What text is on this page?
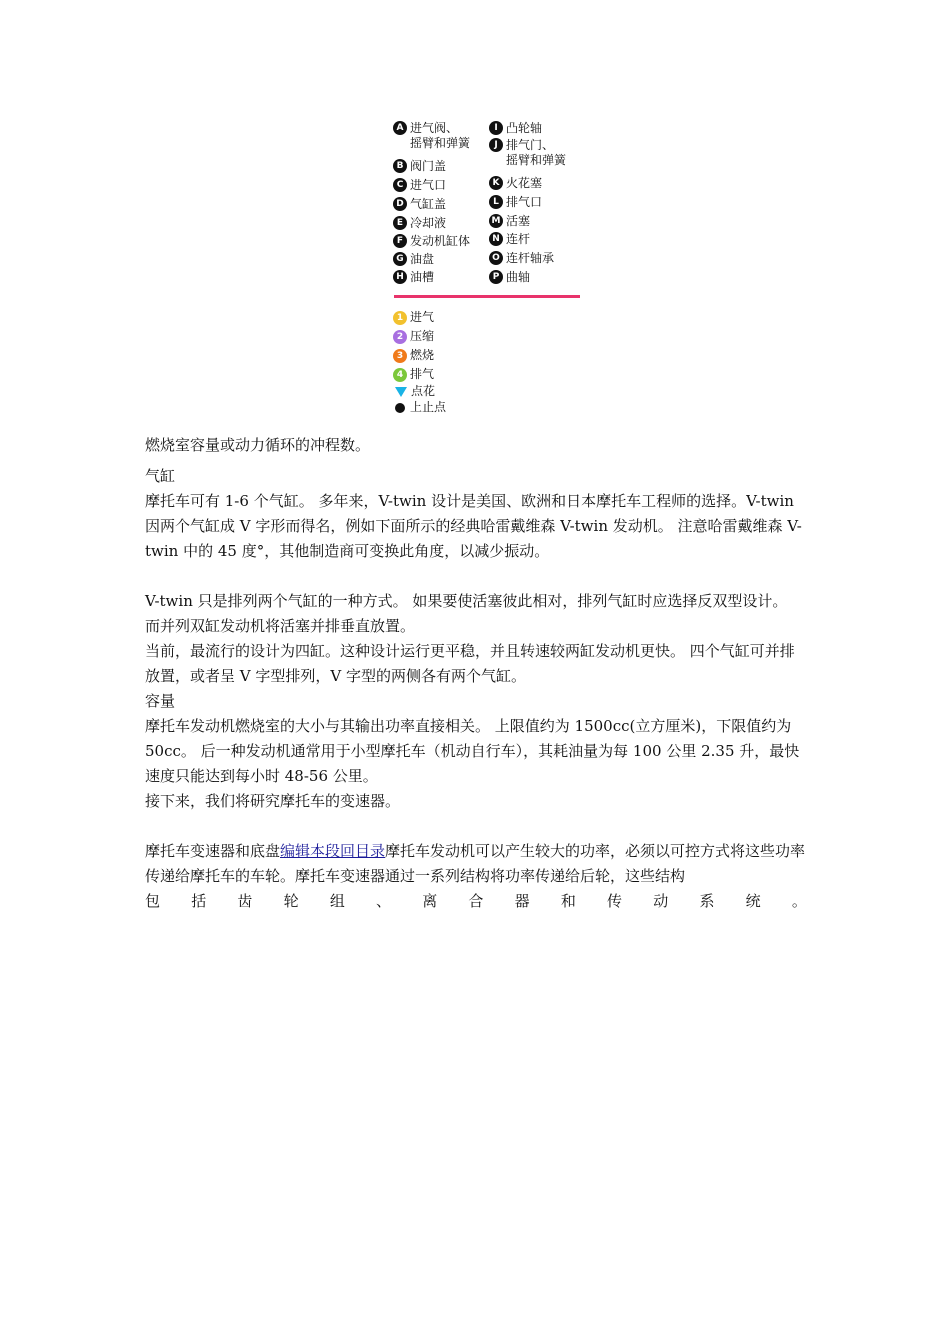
A 进气阀、
摇臂和弹簧
B 阀门盖
C 进气口
D 气缸盖
E 冷却液
F 发动机缸体
G 油盘
H 油槽
I 凸轮轴
J 排气门、
摇臂和弹簧
K 火花塞
L 排气口
M 活塞
N 连杆
O 连杆轴承
P 曲轴
1 进气
2 压缩
3 燃烧
4 排气
点花
上止点

燃烧室容量或动力循环的冲程数。

气缸

摩托车可有 1-6 个气缸。 多年来，V-twin 设计是美国、欧洲和日本摩托车工程师的选择。V-twin 因两个气缸成 V 字形而得名，例如下面所示的经典哈雷戴维森 V-twin 发动机。 注意哈雷戴维森 V-twin 中的 45 度°，其他制造商可变换此角度，以减少振动。

V-twin 只是排列两个气缸的一种方式。 如果要使活塞彼此相对，排列气缸时应选择反双型设计。 而并列双缸发动机将活塞并排垂直放置。

当前，最流行的设计为四缸。这种设计运行更平稳，并且转速较两缸发动机更快。 四个气缸可并排放置，或者呈 V 字型排列，V 字型的两侧各有两个气缸。

容量

摩托车发动机燃烧室的大小与其输出功率直接相关。 上限值约为 1500cc(立方厘米)，下限值约为 50cc。 后一种发动机通常用于小型摩托车（机动自行车），其耗油量为每 100 公里 2.35 升，最快速度只能达到每小时 48-56 公里。

接下来，我们将研究摩托车的变速器。

摩托车变速器和底盘编辑本段回目录摩托车发动机可以产生较大的功率，必须以可控方式将这些功率传递给摩托车的车轮。摩托车变速器通过一系列结构将功率传递给后轮，这些结构

包 括 齿 轮 组 、 离 合 器 和 传 动 系 统 。
